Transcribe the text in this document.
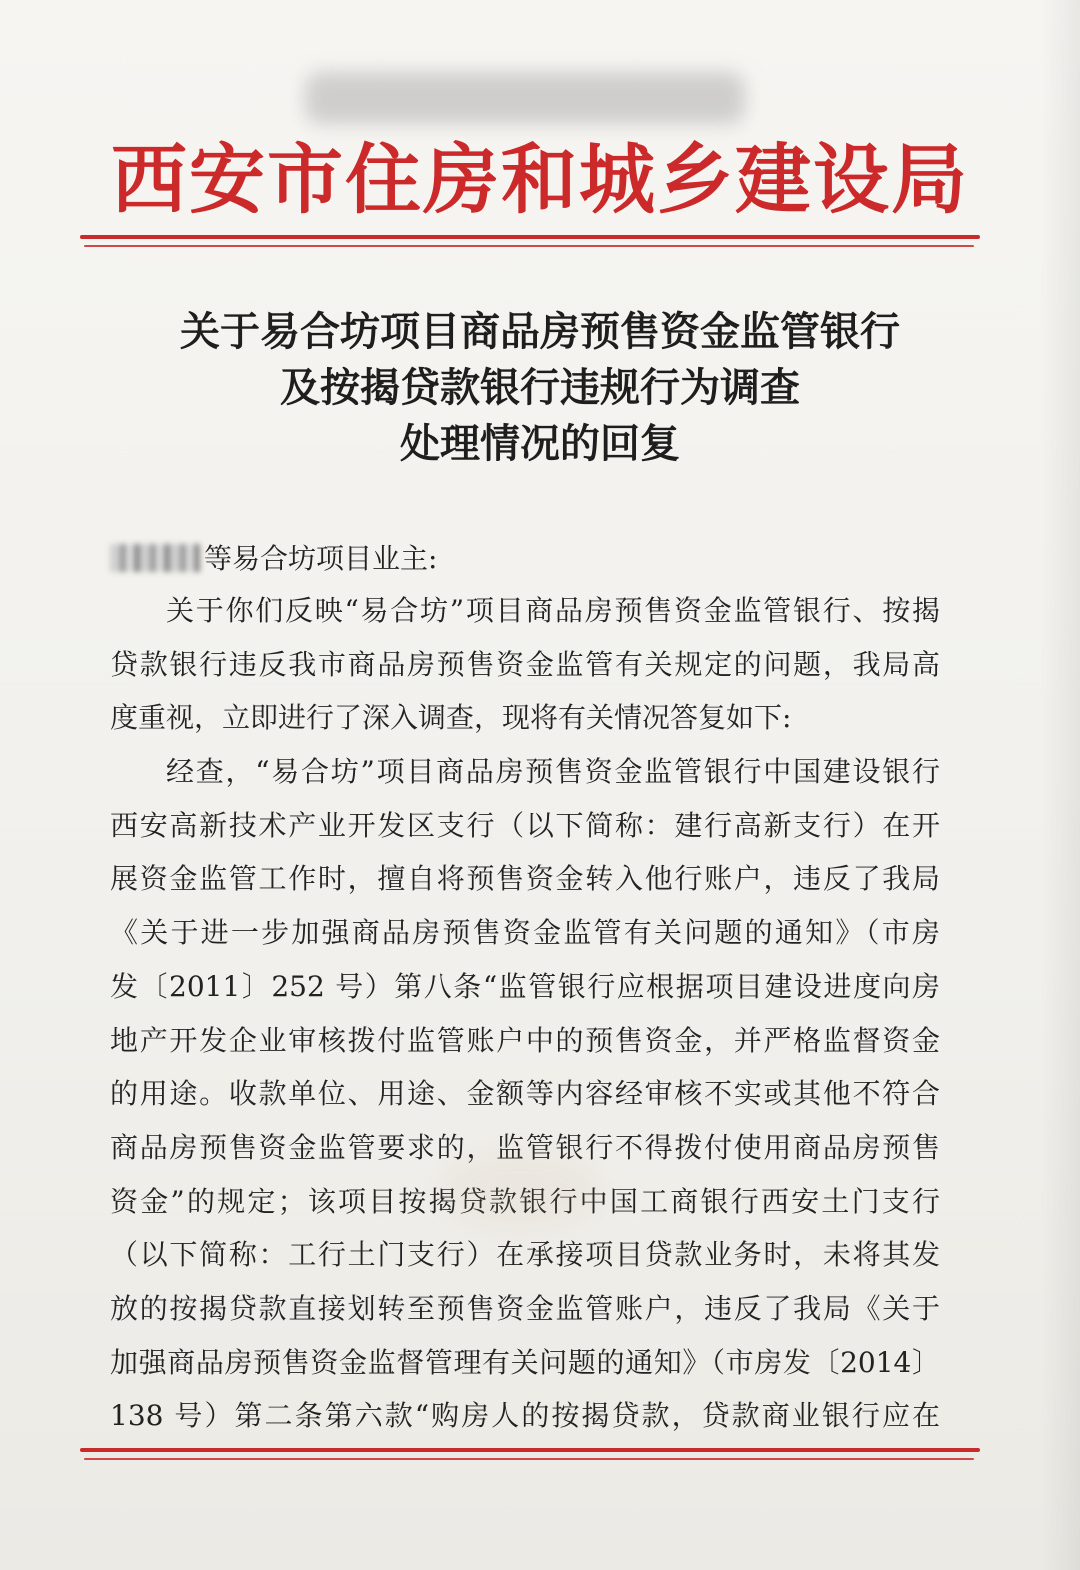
西安市住房和城乡建设局
关于易合坊项目商品房预售资金监管银行
及按揭贷款银行违规行为调查
处理情况的回复
等易合坊项目业主:
关于你们反映“易合坊”项目商品房预售资金监管银行、按揭
贷款银行违反我市商品房预售资金监管有关规定的问题，我局高
度重视，立即进行了深入调查，现将有关情况答复如下:
经查，“易合坊”项目商品房预售资金监管银行中国建设银行
西安高新技术产业开发区支行（以下简称：建行高新支行）在开
展资金监管工作时，擅自将预售资金转入他行账户，违反了我局
《关于进一步加强商品房预售资金监管有关问题的通知》（市房
发〔2011〕252 号）第八条“监管银行应根据项目建设进度向房
地产开发企业审核拨付监管账户中的预售资金，并严格监督资金
的用途。收款单位、用途、金额等内容经审核不实或其他不符合
商品房预售资金监管要求的，监管银行不得拨付使用商品房预售
资金”的规定；该项目按揭贷款银行中国工商银行西安土门支行
（以下简称：工行土门支行）在承接项目贷款业务时，未将其发
放的按揭贷款直接划转至预售资金监管账户，违反了我局《关于
加强商品房预售资金监督管理有关问题的通知》（市房发〔2014〕
138 号）第二条第六款“购房人的按揭贷款，贷款商业银行应在
